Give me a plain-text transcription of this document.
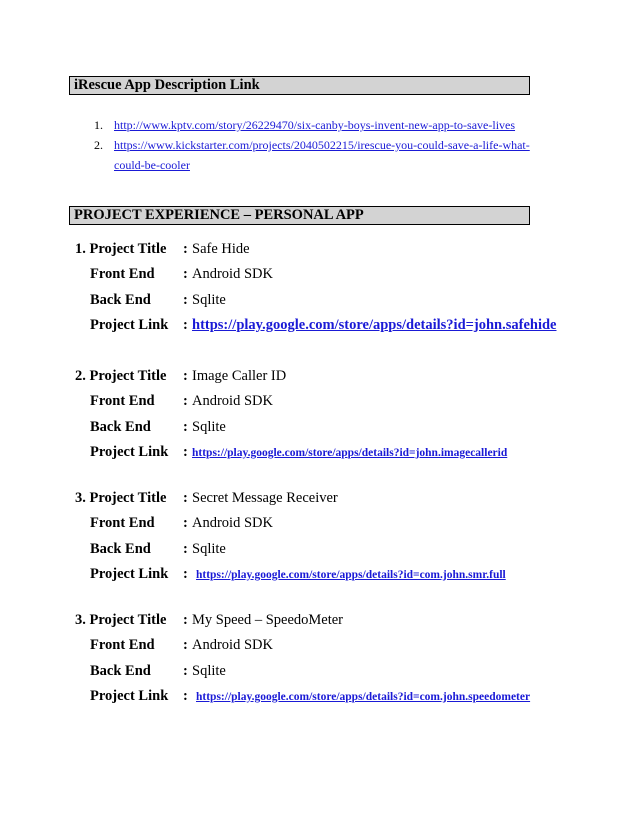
iRescue App Description Link
1. http://www.kptv.com/story/26229470/six-canby-boys-invent-new-app-to-save-lives
2. https://www.kickstarter.com/projects/2040502215/irescue-you-could-save-a-life-what-
could-be-cooler
PROJECT EXPERIENCE – PERSONAL APP
1. Project Title : Safe Hide
Front End : Android SDK
Back End : Sqlite
Project Link : https://play.google.com/store/apps/details?id=john.safehide
2. Project Title : Image Caller ID
Front End : Android SDK
Back End : Sqlite
Project Link : https://play.google.com/store/apps/details?id=john.imagecallerid
3. Project Title : Secret Message Receiver
Front End : Android SDK
Back End : Sqlite
Project Link : https://play.google.com/store/apps/details?id=com.john.smr.full
3. Project Title : My Speed – SpeedoMeter
Front End : Android SDK
Back End : Sqlite
Project Link : https://play.google.com/store/apps/details?id=com.john.speedometer
